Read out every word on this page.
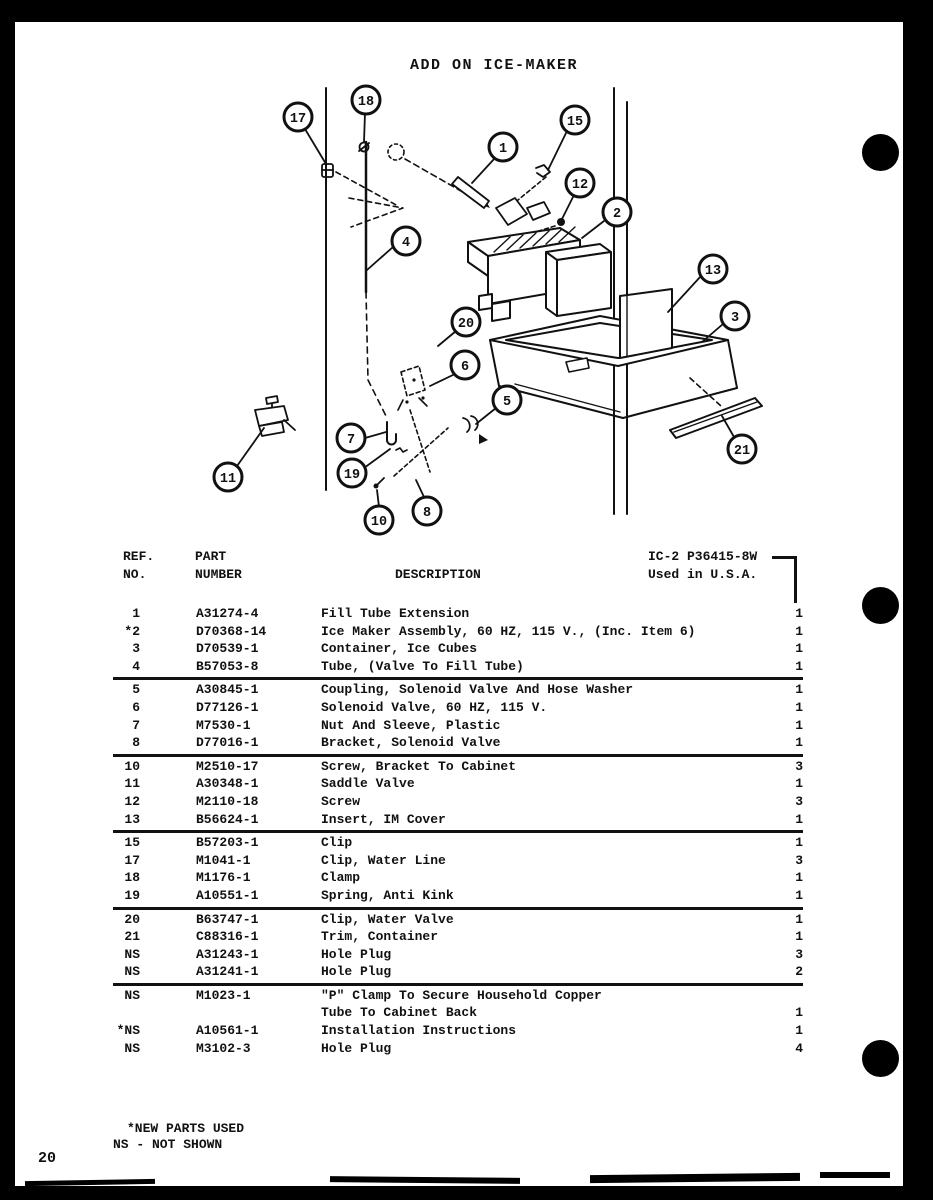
ADD ON ICE-MAKER
17
18
1
15
12
2
4
13
3
20
6
5
7
19
11
10
8
21
REF.
NO.
PART
NUMBER	DESCRIPTION
IC-2 P36415-8W
Used in U.S.A.
1	A31274-4	Fill Tube Extension	1
*2	D70368-14	Ice Maker Assembly, 60 HZ, 115 V., (Inc. Item 6)	1
3	D70539-1	Container, Ice Cubes	1
4	B57053-8	Tube, (Valve To Fill Tube)	1
5	A30845-1	Coupling, Solenoid Valve And Hose Washer	1
6	D77126-1	Solenoid Valve, 60 HZ, 115 V.	1
7	M7530-1	Nut And Sleeve, Plastic	1
8	D77016-1	Bracket, Solenoid Valve	1
10	M2510-17	Screw, Bracket To Cabinet	3
11	A30348-1	Saddle Valve	1
12	M2110-18	Screw	3
13	B56624-1	Insert, IM Cover	1
15	B57203-1	Clip	1
17	M1041-1	Clip, Water Line	3
18	M1176-1	Clamp	1
19	A10551-1	Spring, Anti Kink	1
20	B63747-1	Clip, Water Valve	1
21	C88316-1	Trim, Container	1
NS	A31243-1	Hole Plug	3
NS	A31241-1	Hole Plug	2
NS	M1023-1	"P" Clamp To Secure Household Copper
Tube To Cabinet Back	1
*NS	A10561-1	Installation Instructions	1
NS	M3102-3	Hole Plug	4
*NEW PARTS USED
NS - NOT SHOWN
20
